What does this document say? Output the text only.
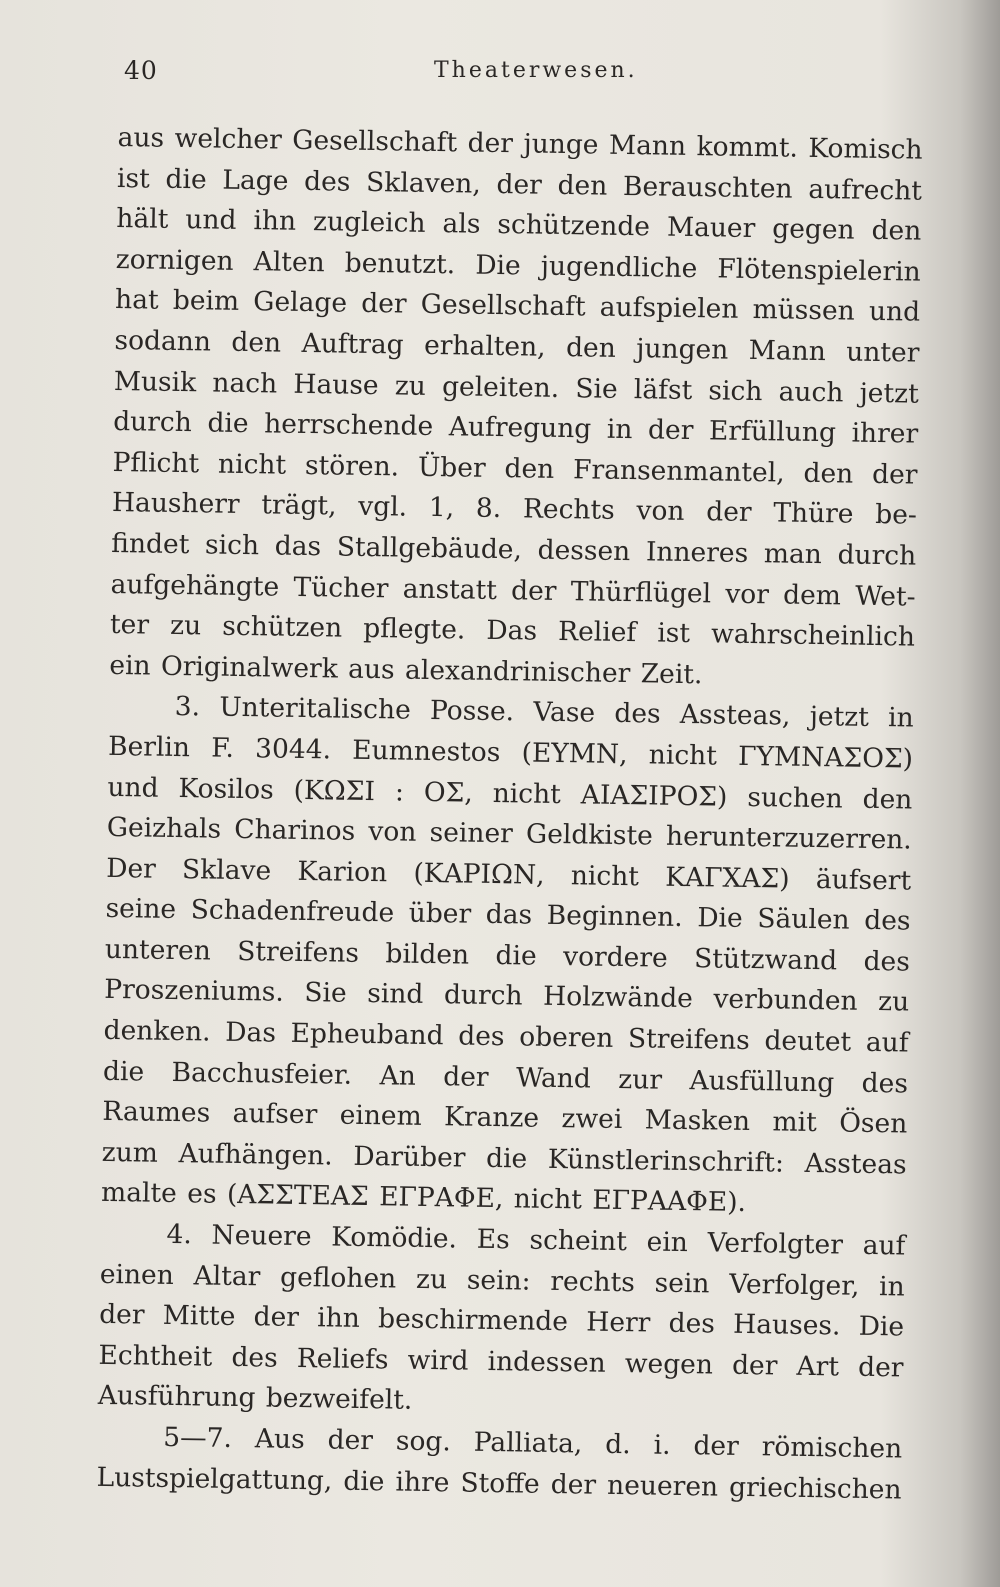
40	Theaterwesen.
aus welcher Gesellschaft der junge Mann kommt. Komisch
ist die Lage des Sklaven, der den Berauschten aufrecht
hält und ihn zugleich als schützende Mauer gegen den
zornigen Alten benutzt. Die jugendliche Flötenspielerin
hat beim Gelage der Gesellschaft aufspielen müssen und
sodann den Auftrag erhalten, den jungen Mann unter
Musik nach Hause zu geleiten. Sie läfst sich auch jetzt
durch die herrschende Aufregung in der Erfüllung ihrer
Pflicht nicht stören. Über den Fransenmantel, den der
Hausherr trägt, vgl. 1, 8. Rechts von der Thüre be-
findet sich das Stallgebäude, dessen Inneres man durch
aufgehängte Tücher anstatt der Thürflügel vor dem Wet-
ter zu schützen pflegte. Das Relief ist wahrscheinlich
ein Originalwerk aus alexandrinischer Zeit.
3. Unteritalische Posse. Vase des Assteas, jetzt in
Berlin F. 3044. Eumnestos (ΕΥΜΝ, nicht ΓΥΜΝΑΣΟΣ)
und Kosilos (ΚΩΣΙ : ΟΣ, nicht ΑΙΑΣΙΡΟΣ) suchen den
Geizhals Charinos von seiner Geldkiste herunterzuzerren.
Der Sklave Karion (ΚΑΡΙΩΝ, nicht ΚΑΓΧΑΣ) äufsert
seine Schadenfreude über das Beginnen. Die Säulen des
unteren Streifens bilden die vordere Stützwand des
Proszeniums. Sie sind durch Holzwände verbunden zu
denken. Das Epheuband des oberen Streifens deutet auf
die Bacchusfeier. An der Wand zur Ausfüllung des
Raumes aufser einem Kranze zwei Masken mit Ösen
zum Aufhängen. Darüber die Künstlerinschrift: Assteas
malte es (ΑΣΣΤΕΑΣ ΕΓΡΑΦΕ, nicht ΕΓΡΑΑΦΕ).
4. Neuere Komödie. Es scheint ein Verfolgter auf
einen Altar geflohen zu sein: rechts sein Verfolger, in
der Mitte der ihn beschirmende Herr des Hauses. Die
Echtheit des Reliefs wird indessen wegen der Art der
Ausführung bezweifelt.
5—7. Aus der sog. Palliata, d. i. der römischen
Lustspielgattung, die ihre Stoffe der neueren griechischen
